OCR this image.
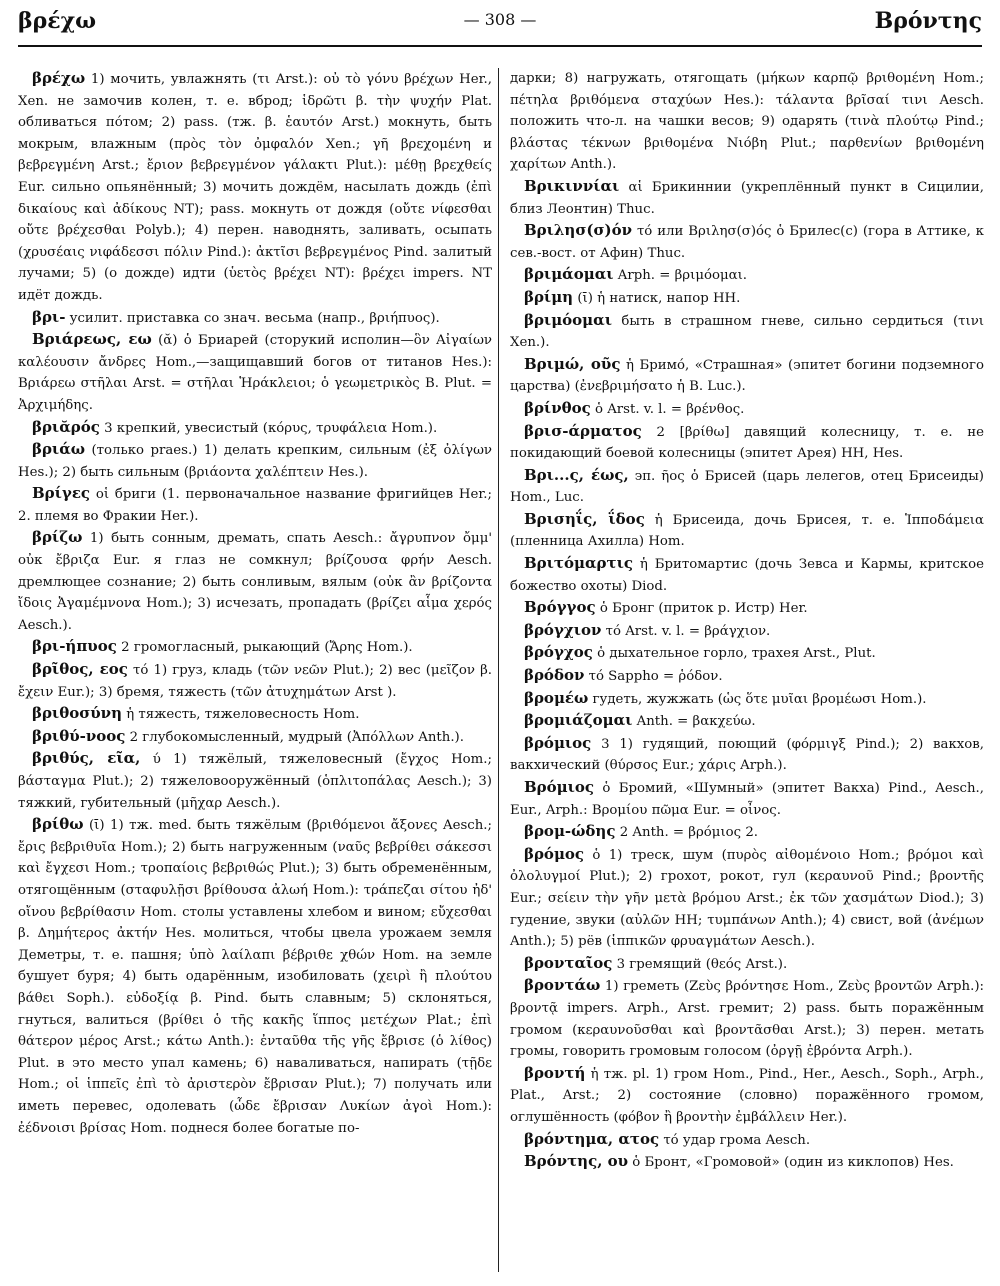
βρέχω	— 308 —	Βρόντης

βρέχω 1) мочить, увлажнять (τι Arst.): οὐ τὸ γόνυ βρέχων Her., Xen. не замочив колен, т. е. вброд; ἱδρῶτι β. τὴν ψυχήν Plat. обливаться пóтом; 2) pass. (тж. β. ἑαυτόν Arst.) мокнуть, быть мокрым, влажным (πρὸς τὸν ὀμφαλόν Xen.; γῆ βρεχομένη и βεβρεγμένη Arst.; ἔριον βεβρεγμένον γάλακτι Plut.): μέθῃ βρεχθείς Eur. сильно опьянённый; 3) мочить дождём, насылать дождь (ἐπὶ δικαίους καὶ ἀδίκους NT); pass. мокнуть от дождя (οὔτε νίφεσθαι οὔτε βρέχεσθαι Polyb.); 4) перен. наводнять, заливать, осыпать (χρυσέαις νιφάδεσσι πόλιν Pind.): ἀκτῖσι βεβρεγμένος Pind. залитый лучами; 5) (о дожде) идти (ὑετὸς βρέχει NT): βρέχει impers. NT идёт дождь.

βρι- усилит. приставка со знач. весьма (напр., βριήπυος).

Βριάρεως, εω (ᾰ) ὁ Бриарей (сторукий исполин—ὃν Αἰγαίων καλέουσιν ἄνδρες Hom.,—защищавший богов от титанов Hes.): Βριάρεω στῆλαι Arst. = στῆλαι Ἡράκλειοι; ὁ γεωμετρικὸς Β. Plut. = Ἀρχιμήδης.

βριᾰρός 3 крепкий, увесистый (κόρυς, τρυφάλεια Hom.).

βριάω (только praes.) 1) делать крепким, сильным (ἐξ ὀλίγων Hes.); 2) быть сильным (βριάοντα χαλέπτειν Hes.).

Βρίγες οἱ бриги (1. первоначальное название фригийцев Her.; 2. племя во Фракии Her.).

βρίζω 1) быть сонным, дремать, спать Aesch.: ἄγρυπνον ὄμμ' οὐκ ἔβριζα Eur. я глаз не сомкнул; βρίζουσα φρήν Aesch. дремлющее сознание; 2) быть сонливым, вялым (οὐκ ἂν βρίζοντα ἴδοις Ἀγαμέμνονα Hom.); 3) исчезать, пропадать (βρίζει αἷμα χερός Aesch.).

βρι-ήπυος 2 громогласный, рыкающий (Ἄρης Hom.).

βρῖθος, εος τό 1) груз, кладь (τῶν νεῶν Plut.); 2) вес (μεῖζον β. ἔχειν Eur.); 3) бремя, тяжесть (τῶν ἀτυχημάτων Arst ).

βριθοσύνη ἡ тяжесть, тяжеловесность Hom.

βριθύ-νοος 2 глубокомысленный, мудрый (Ἀπόλλων Anth.).

βριθύς, εῖα, ύ 1) тяжёлый, тяжеловесный (ἔγχος Hom.; βάσταγμα Plut.); 2) тяжеловооружённый (ὁπλιτοπάλας Aesch.); 3) тяжкий, губительный (μῆχαρ Aesch.).

βρίθω (ῑ) 1) тж. med. быть тяжёлым (βριθόμενοι ἄξονες Aesch.; ἔρις βεβριθυῖα Hom.); 2) быть нагруженным (ναῦς βεβρίθει σάκεσσι καὶ ἔγχεσι Hom.; τροπαίοις βεβριθώς Plut.); 3) быть обременённым, отягощённым (σταφυλῇσι βρίθουσα ἀλωή Hom.): τράπεζαι σίτου ἠδ' οἴνου βεβρίθασιν Hom. столы уставлены хлебом и вином; εὔχεσθαι β. Δημήτερος ἀκτήν Hes. молиться, чтобы цвела урожаем земля Деметры, т. е. пашня; ὑπὸ λαίλαπι βέβριθε χθών Hom. на земле бушует буря; 4) быть одарённым, изобиловать (χειρὶ ἢ πλούτου βάθει Soph.). εὐδοξίᾳ β. Pind. быть славным; 5) склоняться, гнуться, валиться (βρίθει ὁ τῆς κακῆς ἵππος μετέχων Plat.; ἐπὶ θάτερον μέρος Arst.; κάτω Anth.): ἐνταῦθα τῆς γῆς ἔβρισε (ὁ λίθος) Plut. в это место упал камень; 6) наваливаться, напирать (τῇδε Hom.; οἱ ἱππεῖς ἐπὶ τὸ ἀριστερὸν ἔβρισαν Plut.); 7) получать или иметь перевес, одолевать (ὧδε ἔβρισαν Λυκίων ἀγοὶ Hom.): ἐέδνοισι βρίσας Hom. поднеся более богатые по-

дарки; 8) нагружать, отягощать (μήκων καρπῷ βριθομένη Hom.; πέτηλα βριθόμενα σταχύων Hes.): τάλαντα βρῖσαί τινι Aesch. положить что-л. на чашки весов; 9) одарять (τινὰ πλούτῳ Pind.; βλάστας τέκνων βριθομένα Νιόβη Plut.; παρθενίων βριθομένη χαρίτων Anth.).

Βρικιννίαι αἱ Брикиннии (укреплённый пункт в Сицилии, близ Леонтин) Thuc.

Βριλησ(σ)όν τό или Βριλησ(σ)ός ὁ Брилес(с) (гора в Аттике, к сев.-вост. от Афин) Thuc.

βριμάομαι Arph. = βριμόομαι.

βρίμη (ῑ) ἡ натиск, напор НН.

βριμόομαι быть в страшном гневе, сильно сердиться (τινι Xen.).

Βριμώ, οῦς ἡ Бримó, «Страшная» (эпитет богини подземного царства) (ἐνεβριμήσατο ἡ Β. Luc.).

βρίνθος ὁ Arst. v. l. = βρένθος.

βρισ-άρματος 2 [βρίθω] давящий колесницу, т. е. не покидающий боевой колесницы (эпитет Арея) НН, Hes.

Βρι...ς, έως, эп. ῆος ὁ Брисей (царь лелегов, отец Брисеиды) Hom., Luc.

Βρισηΐς, ΐδος ἡ Брисеида, дочь Брисея, т. е. Ἱπποδάμεια (пленница Ахилла) Hom.

Βριτόμαρτις ἡ Бритомартис (дочь Зевса и Кармы, критское божество охоты) Diod.

Βρόγγος ὁ Бронг (приток р. Истр) Her.

βρόγχιον τό Arst. v. l. = βράγχιον.

βρόγχος ὁ дыхательное горло, трахея Arst., Plut.

βρόδον τό Sappho = ῥόδον.

βρομέω гудеть, жужжать (ὡς ὅτε μυῖαι βρομέωσι Hom.).

βρομιάζομαι Anth. = βακχεύω.

βρόμιος 3 1) гудящий, поющий (φόρμιγξ Pind.); 2) вакхов, вакхический (θύρσος Eur.; χάρις Arph.).

Βρόμιος ὁ Бромий, «Шумный» (эпитет Вакха) Pind., Aesch., Eur., Arph.: Βρομίου πῶμα Eur. = οἶνος.

βρομ-ώδης 2 Anth. = βρόμιος 2.

βρόμος ὁ 1) треск, шум (πυρὸς αἰθομένοιο Hom.; βρόμοι καὶ ὀλολυγμοί Plut.); 2) грохот, рокот, гул (κεραυνοῦ Pind.; βροντῆς Eur.; σείειν τὴν γῆν μετὰ βρόμου Arst.; ἐκ τῶν χασμάτων Diod.); 3) гудение, звуки (αὐλῶν НН; τυμπάνων Anth.); 4) свист, вой (ἀνέμων Anth.); 5) рёв (ἱππικῶν φρυαγμάτων Aesch.).

βρονταῖος 3 гремящий (θεός Arst.).

βροντάω 1) греметь (Ζεὺς βρόντησε Hom., Ζεὺς βροντῶν Arph.): βροντᾷ impers. Arph., Arst. гремит; 2) pass. быть поражённым громом (κεραυνοῦσθαι καὶ βροντᾶσθαι Arst.); 3) перен. метать громы, говорить громовым голосом (ὀργῇ ἐβρόντα Arph.).

βροντή ἡ тж. pl. 1) гром Hom., Pind., Her., Aesch., Soph., Arph., Plat., Arst.; 2) состояние (словно) поражённого громом, оглушённость (φόβον ἢ βροντὴν ἐμβάλλειν Her.).

βρόντημα, ατος τό удар грома Aesch.

Βρόντης, ου ὁ Бронт, «Громовой» (один из киклопов) Hes.
